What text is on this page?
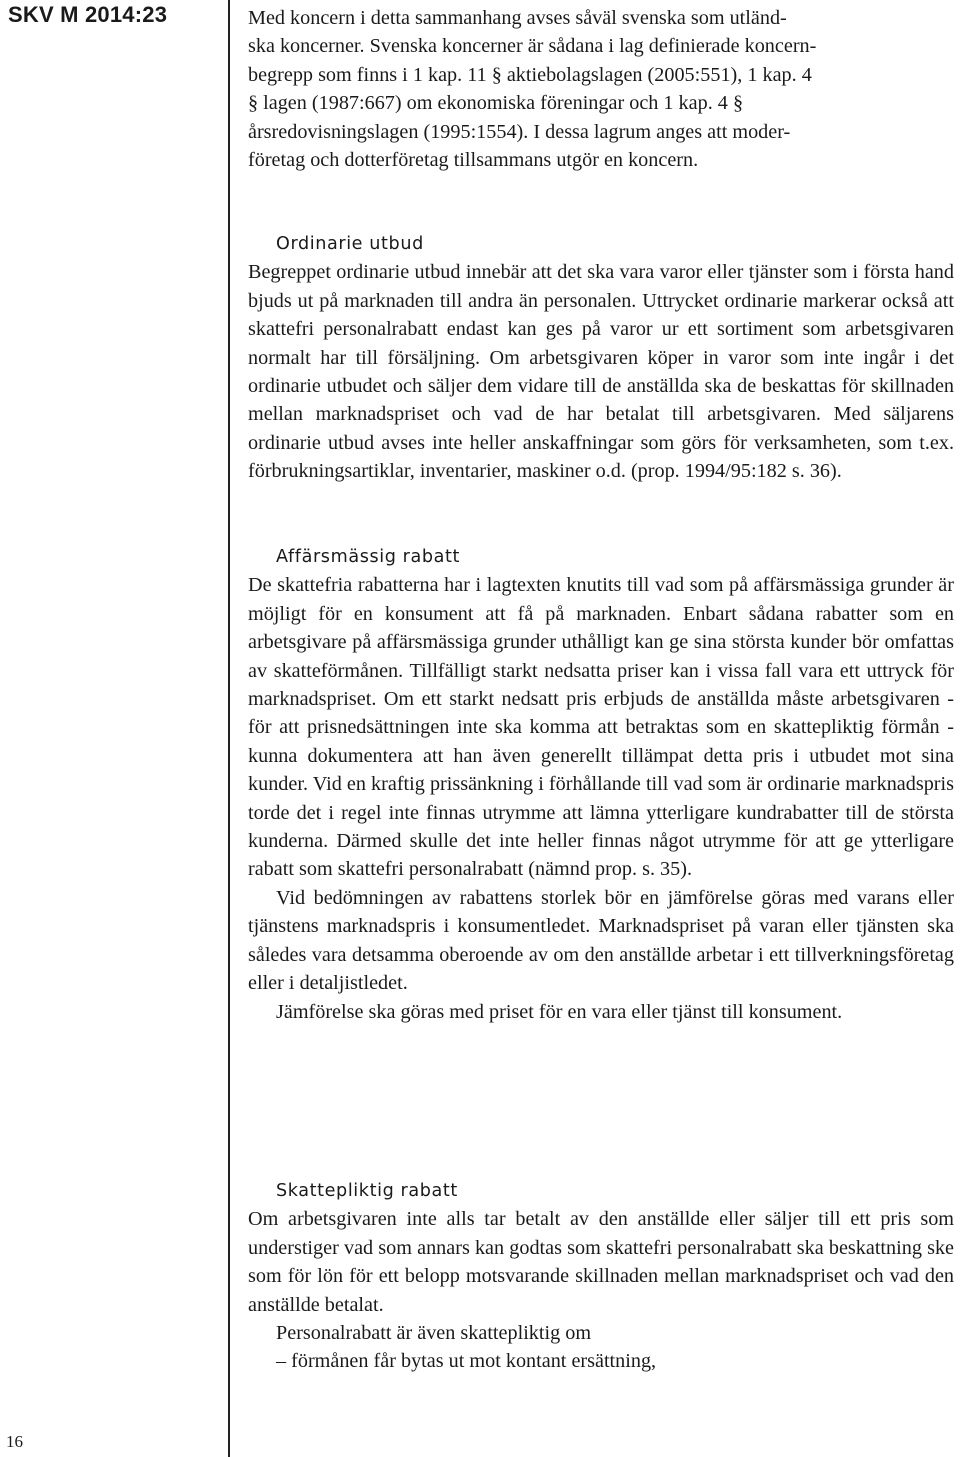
SKV M 2014:23
16

Med koncern i detta sammanhang avses såväl svenska som utländ-
ska koncerner. Svenska koncerner är sådana i lag definierade koncern-
begrepp som finns i 1 kap. 11 § aktiebolagslagen (2005:551), 1 kap. 4
§ lagen (1987:667) om ekonomiska föreningar och 1 kap. 4 §
årsredovisningslagen (1995:1554). I dessa lagrum anges att moder-
företag och dotterföretag tillsammans utgör en koncern.

Ordinarie utbud

Begreppet ordinarie utbud innebär att det ska vara varor eller tjänster som i första hand bjuds ut på marknaden till andra än personalen. Uttrycket ordinarie markerar också att skattefri personalrabatt endast kan ges på varor ur ett sortiment som arbetsgivaren normalt har till försäljning. Om arbetsgivaren köper in varor som inte ingår i det ordinarie utbudet och säljer dem vidare till de anställda ska de beskattas för skillnaden mellan marknadspriset och vad de har betalat till arbetsgivaren. Med säljarens ordinarie utbud avses inte heller anskaffningar som görs för verksamheten, som t.ex. förbrukningsartiklar, inventarier, maskiner o.d. (prop. 1994/95:182 s. 36).

Affärsmässig rabatt

De skattefria rabatterna har i lagtexten knutits till vad som på affärsmässiga grunder är möjligt för en konsument att få på marknaden. Enbart sådana rabatter som en arbetsgivare på affärsmässiga grunder uthålligt kan ge sina största kunder bör omfattas av skatteförmånen. Tillfälligt starkt nedsatta priser kan i vissa fall vara ett uttryck för marknadspriset. Om ett starkt nedsatt pris erbjuds de anställda måste arbetsgivaren - för att prisnedsättningen inte ska komma att betraktas som en skattepliktig förmån - kunna dokumentera att han även generellt tillämpat detta pris i utbudet mot sina kunder. Vid en kraftig prissänkning i förhållande till vad som är ordinarie marknadspris torde det i regel inte finnas utrymme att lämna ytterligare kundrabatter till de största kunderna. Därmed skulle det inte heller finnas något utrymme för att ge ytterligare rabatt som skattefri personalrabatt (nämnd prop. s. 35).

Vid bedömningen av rabattens storlek bör en jämförelse göras med varans eller tjänstens marknadspris i konsumentledet. Marknadspriset på varan eller tjänsten ska således vara detsamma oberoende av om den anställde arbetar i ett tillverkningsföretag eller i detaljistledet.

Jämförelse ska göras med priset för en vara eller tjänst till konsument.

Skattepliktig rabatt

Om arbetsgivaren inte alls tar betalt av den anställde eller säljer till ett pris som understiger vad som annars kan godtas som skattefri personalrabatt ska beskattning ske som för lön för ett belopp motsvarande skillnaden mellan marknadspriset och vad den anställde betalat.

Personalrabatt är även skattepliktig om

– förmånen får bytas ut mot kontant ersättning,
